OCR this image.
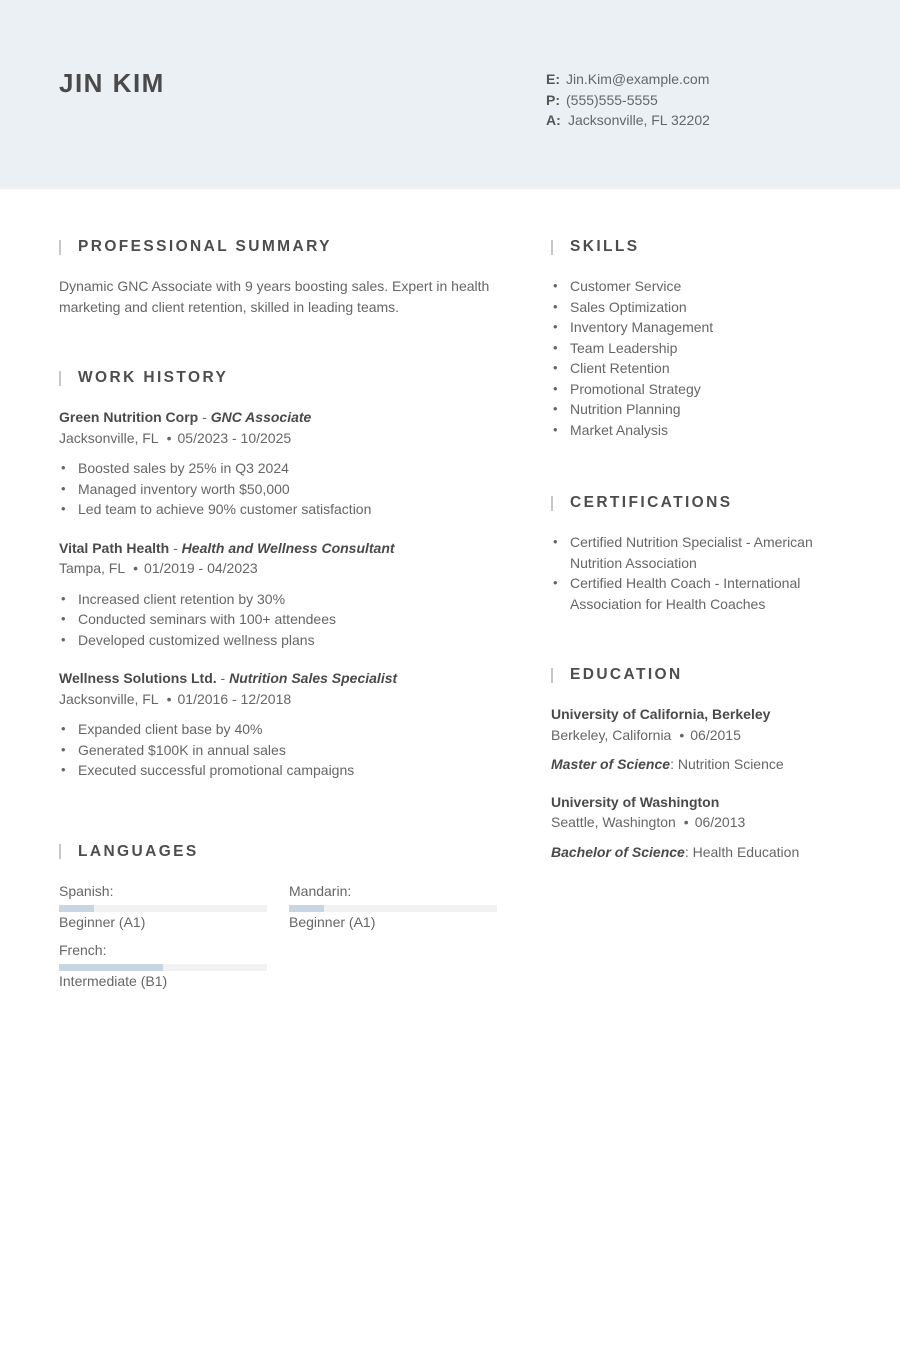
JIN KIM	E: Jin.Kim@example.com
P: (555)555-5555
A: Jacksonville, FL 32202
PROFESSIONAL SUMMARY

Dynamic GNC Associate with 9 years boosting sales. Expert in health marketing and client retention, skilled in leading teams.

WORK HISTORY
Green Nutrition Corp - GNC Associate
Jacksonville, FL • 05/2023 - 10/2025
• Boosted sales by 25% in Q3 2024
• Managed inventory worth $50,000
• Led team to achieve 90% customer satisfaction
Vital Path Health - Health and Wellness Consultant
Tampa, FL • 01/2019 - 04/2023
• Increased client retention by 30%
• Conducted seminars with 100+ attendees
• Developed customized wellness plans
Wellness Solutions Ltd. - Nutrition Sales Specialist
Jacksonville, FL • 01/2016 - 12/2018
• Expanded client base by 40%
• Generated $100K in annual sales
• Executed successful promotional campaigns
LANGUAGES
Spanish:
Beginner (A1)
Mandarin:
Beginner (A1)
French:
Intermediate (B1)
SKILLS
• Customer Service
• Sales Optimization
• Inventory Management
• Team Leadership
• Client Retention
• Promotional Strategy
• Nutrition Planning
• Market Analysis
CERTIFICATIONS
• Certified Nutrition Specialist - American Nutrition Association
• Certified Health Coach - International Association for Health Coaches
EDUCATION
University of California, Berkeley
Berkeley, California • 06/2015
Master of Science: Nutrition Science
University of Washington
Seattle, Washington • 06/2013
Bachelor of Science: Health Education
